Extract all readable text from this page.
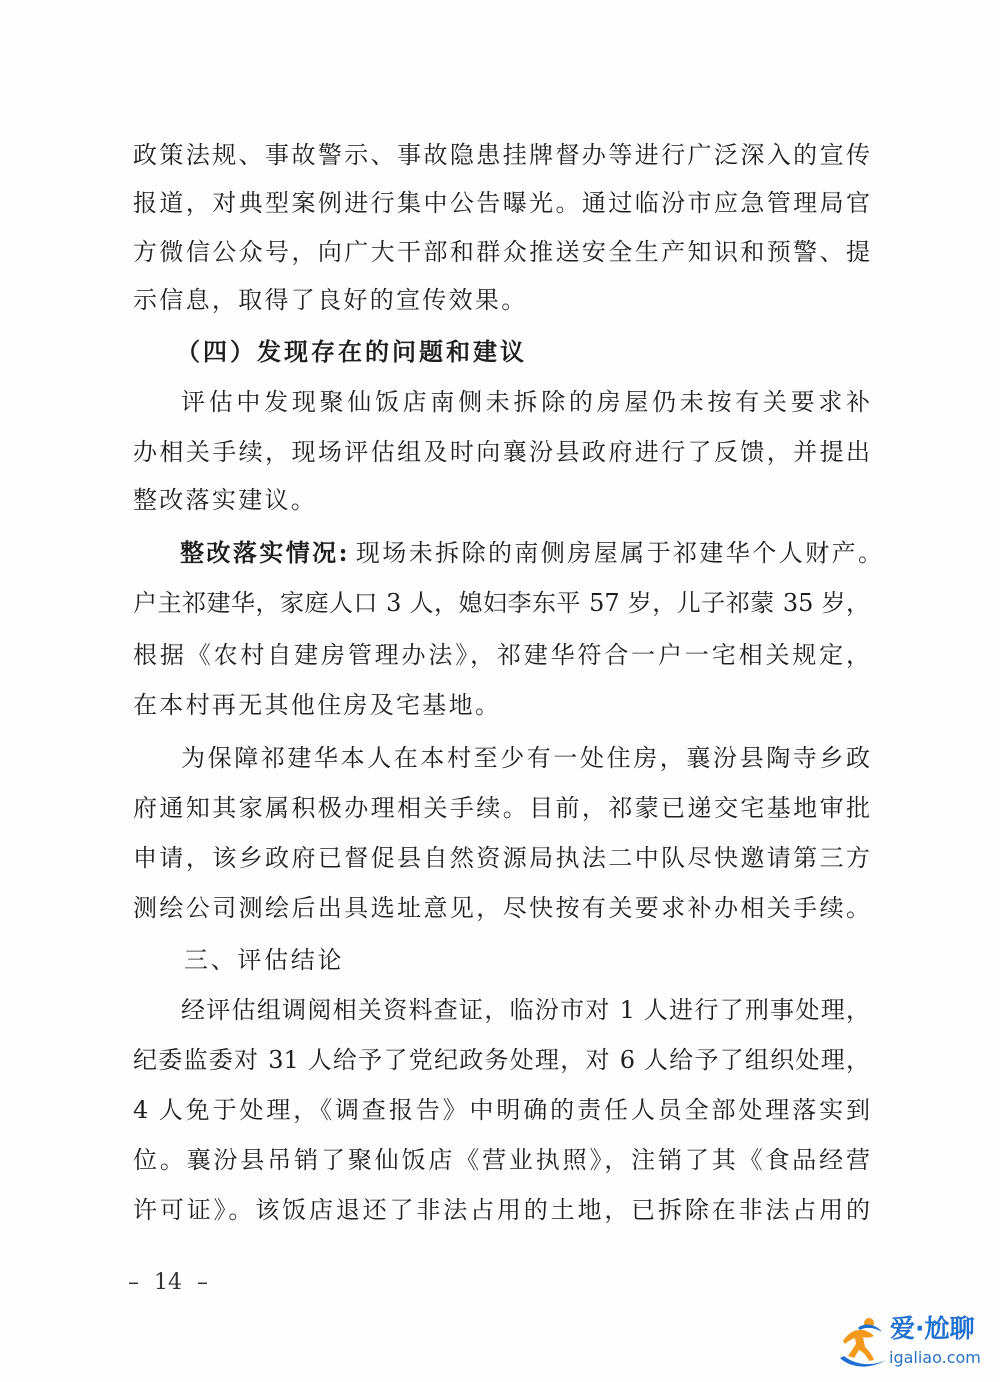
政策法规、事故警示、事故隐患挂牌督办等进行广泛深入的宣传
报道，对典型案例进行集中公告曝光。通过临汾市应急管理局官
方微信公众号，向广大干部和群众推送安全生产知识和预警、提
示信息，取得了良好的宣传效果。
（四）发现存在的问题和建议
评估中发现聚仙饭店南侧未拆除的房屋仍未按有关要求补
办相关手续，现场评估组及时向襄汾县政府进行了反馈，并提出
整改落实建议。
整改落实情况: 现场未拆除的南侧房屋属于祁建华个人财产。
户主祁建华，家庭人口 3 人，媳妇李东平 57 岁，儿子祁蒙 35 岁，
根据《农村自建房管理办法》，祁建华符合一户一宅相关规定，
在本村再无其他住房及宅基地。
为保障祁建华本人在本村至少有一处住房，襄汾县陶寺乡政
府通知其家属积极办理相关手续。目前，祁蒙已递交宅基地审批
申请，该乡政府已督促县自然资源局执法二中队尽快邀请第三方
测绘公司测绘后出具选址意见，尽快按有关要求补办相关手续。
三、评估结论
经评估组调阅相关资料查证，临汾市对 1 人进行了刑事处理，
纪委监委对 31 人给予了党纪政务处理，对 6 人给予了组织处理，
4 人免于处理，《调查报告》中明确的责任人员全部处理落实到
位。襄汾县吊销了聚仙饭店《营业执照》，注销了其《食品经营
许可证》。该饭店退还了非法占用的土地，已拆除在非法占用的
– 14 –
爱·尬聊
igaliao.com
